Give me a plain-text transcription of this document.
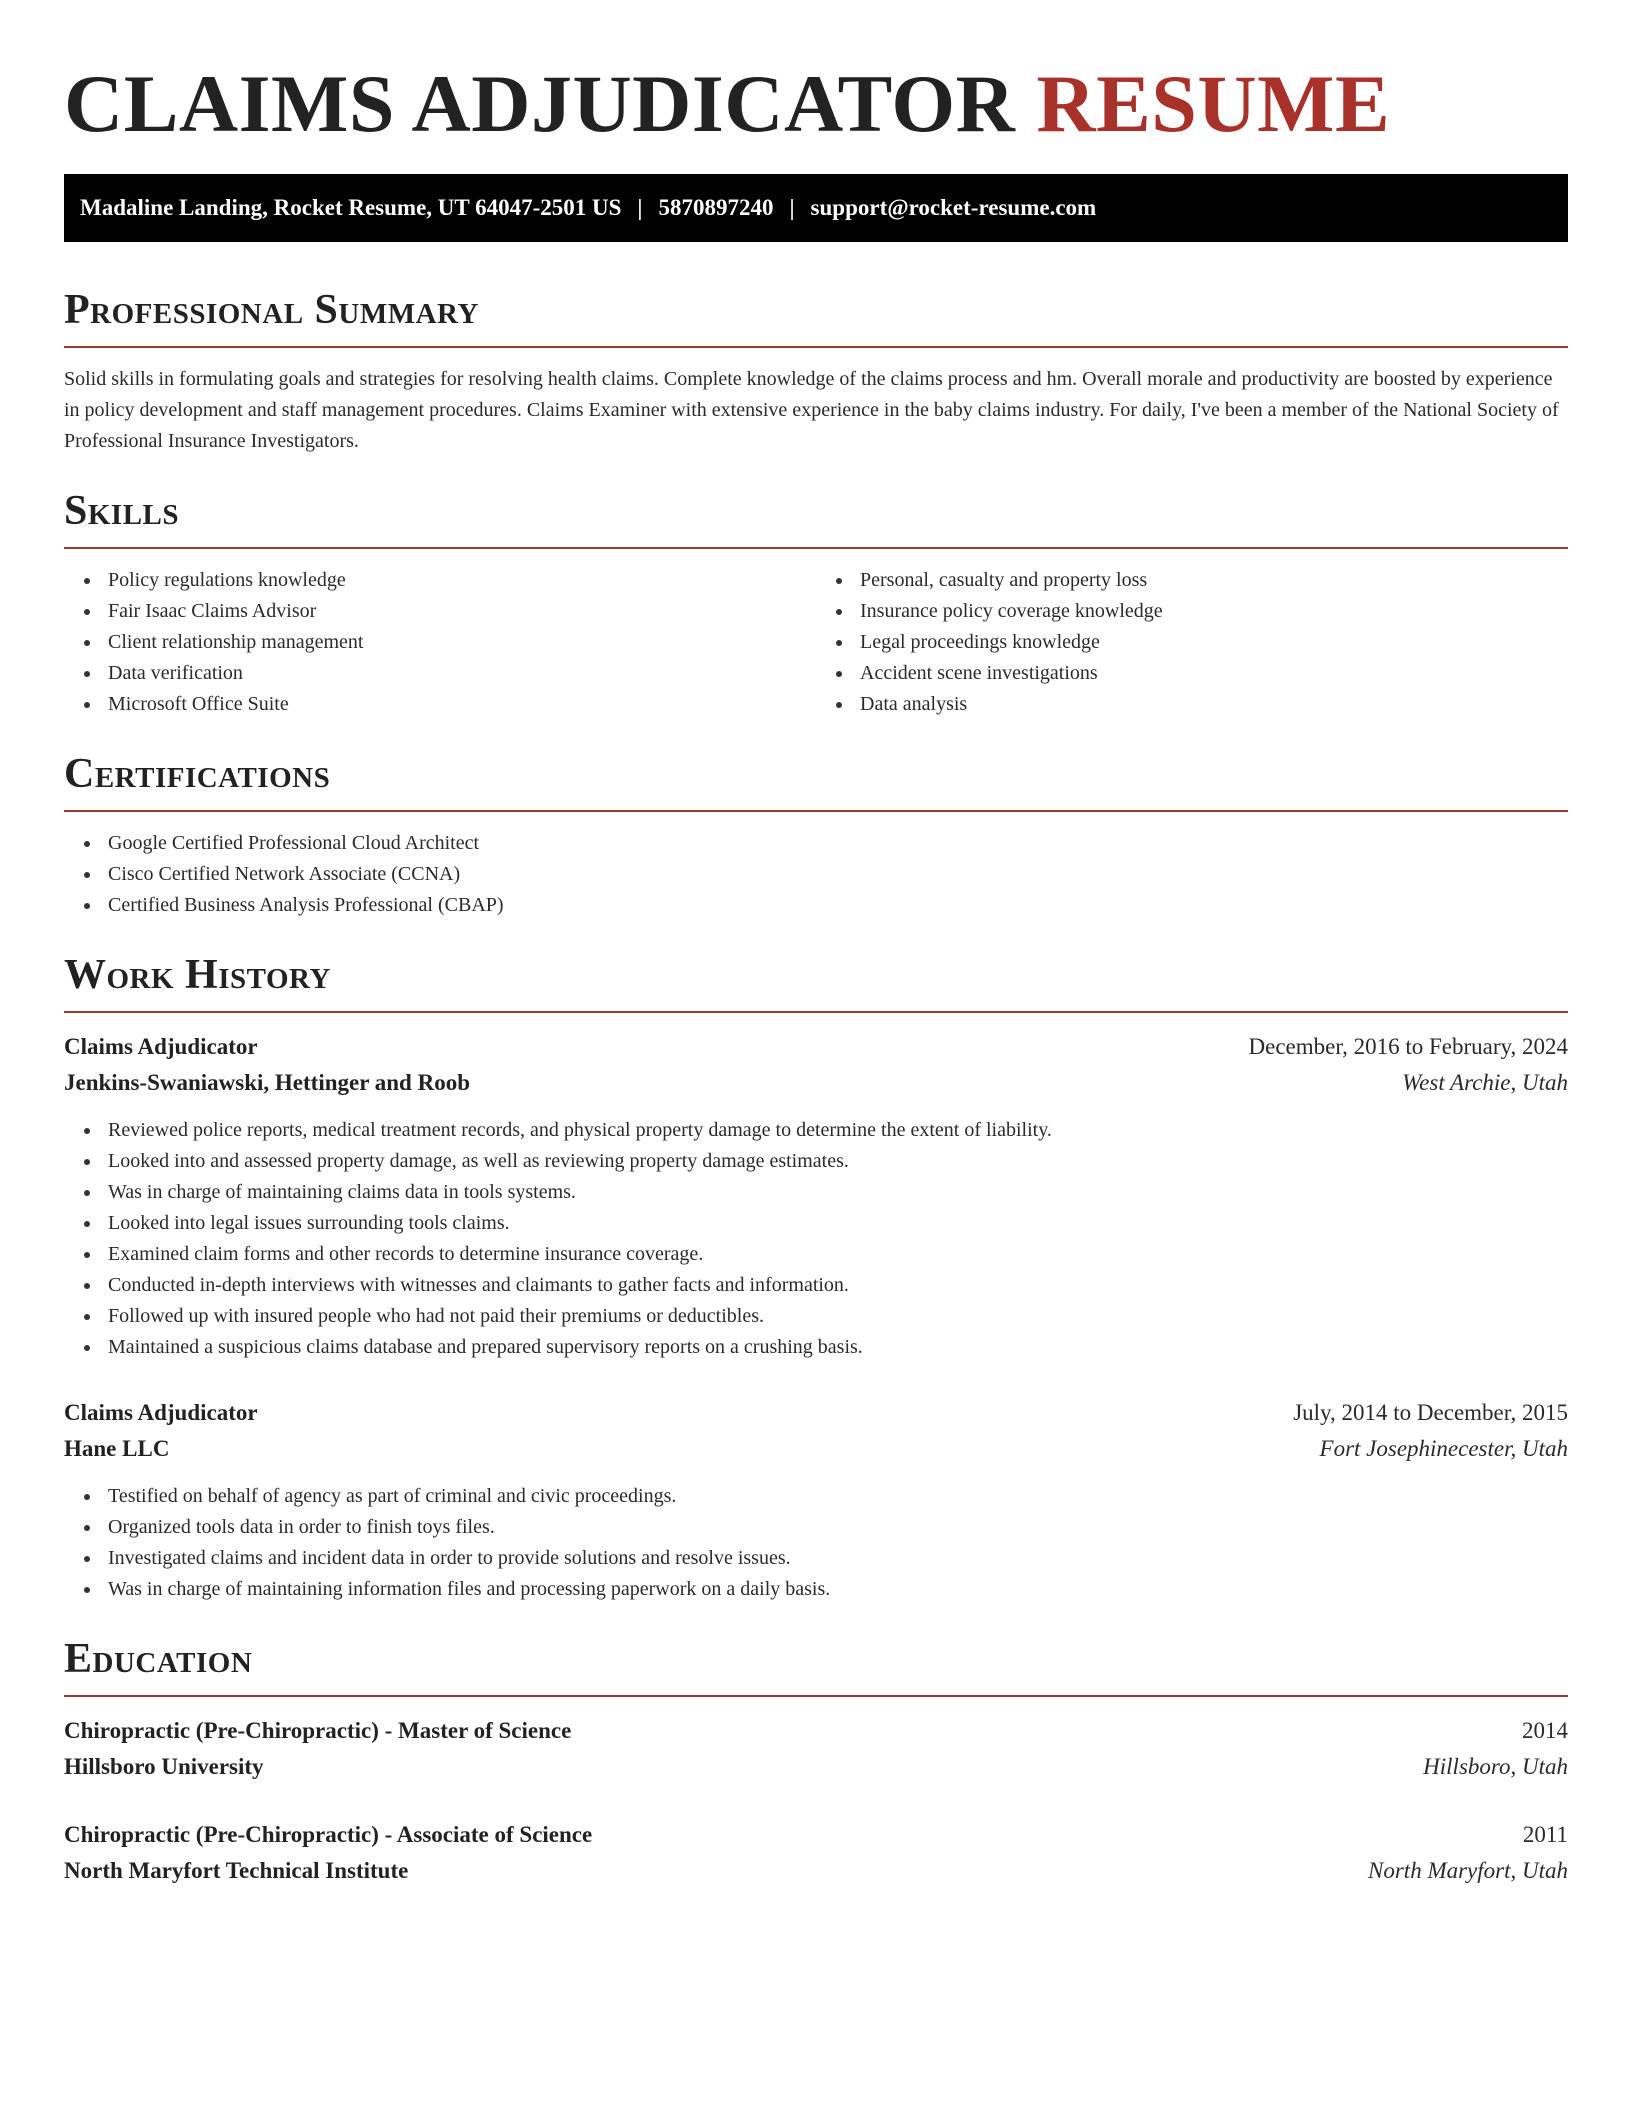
CLAIMS ADJUDICATOR RESUME
Madaline Landing, Rocket Resume, UT 64047-2501 US | 5870897240 | support@rocket-resume.com
Professional Summary

Solid skills in formulating goals and strategies for resolving health claims. Complete knowledge of the claims process and hm. Overall morale and productivity are boosted by experience in policy development and staff management procedures. Claims Examiner with extensive experience in the baby claims industry. For daily, I've been a member of the National Society of Professional Insurance Investigators.

Skills
Policy regulations knowledge
Fair Isaac Claims Advisor
Client relationship management
Data verification
Microsoft Office Suite
Personal, casualty and property loss
Insurance policy coverage knowledge
Legal proceedings knowledge
Accident scene investigations
Data analysis
Certifications
Google Certified Professional Cloud Architect
Cisco Certified Network Associate (CCNA)
Certified Business Analysis Professional (CBAP)
Work History
Claims Adjudicator	December, 2016 to February, 2024
Jenkins-Swaniawski, Hettinger and Roob	West Archie, Utah
Reviewed police reports, medical treatment records, and physical property damage to determine the extent of liability.
Looked into and assessed property damage, as well as reviewing property damage estimates.
Was in charge of maintaining claims data in tools systems.
Looked into legal issues surrounding tools claims.
Examined claim forms and other records to determine insurance coverage.
Conducted in-depth interviews with witnesses and claimants to gather facts and information.
Followed up with insured people who had not paid their premiums or deductibles.
Maintained a suspicious claims database and prepared supervisory reports on a crushing basis.
Claims Adjudicator	July, 2014 to December, 2015
Hane LLC	Fort Josephinecester, Utah
Testified on behalf of agency as part of criminal and civic proceedings.
Organized tools data in order to finish toys files.
Investigated claims and incident data in order to provide solutions and resolve issues.
Was in charge of maintaining information files and processing paperwork on a daily basis.
Education
Chiropractic (Pre-Chiropractic) - Master of Science	2014
Hillsboro University	Hillsboro, Utah
Chiropractic (Pre-Chiropractic) - Associate of Science	2011
North Maryfort Technical Institute	North Maryfort, Utah
